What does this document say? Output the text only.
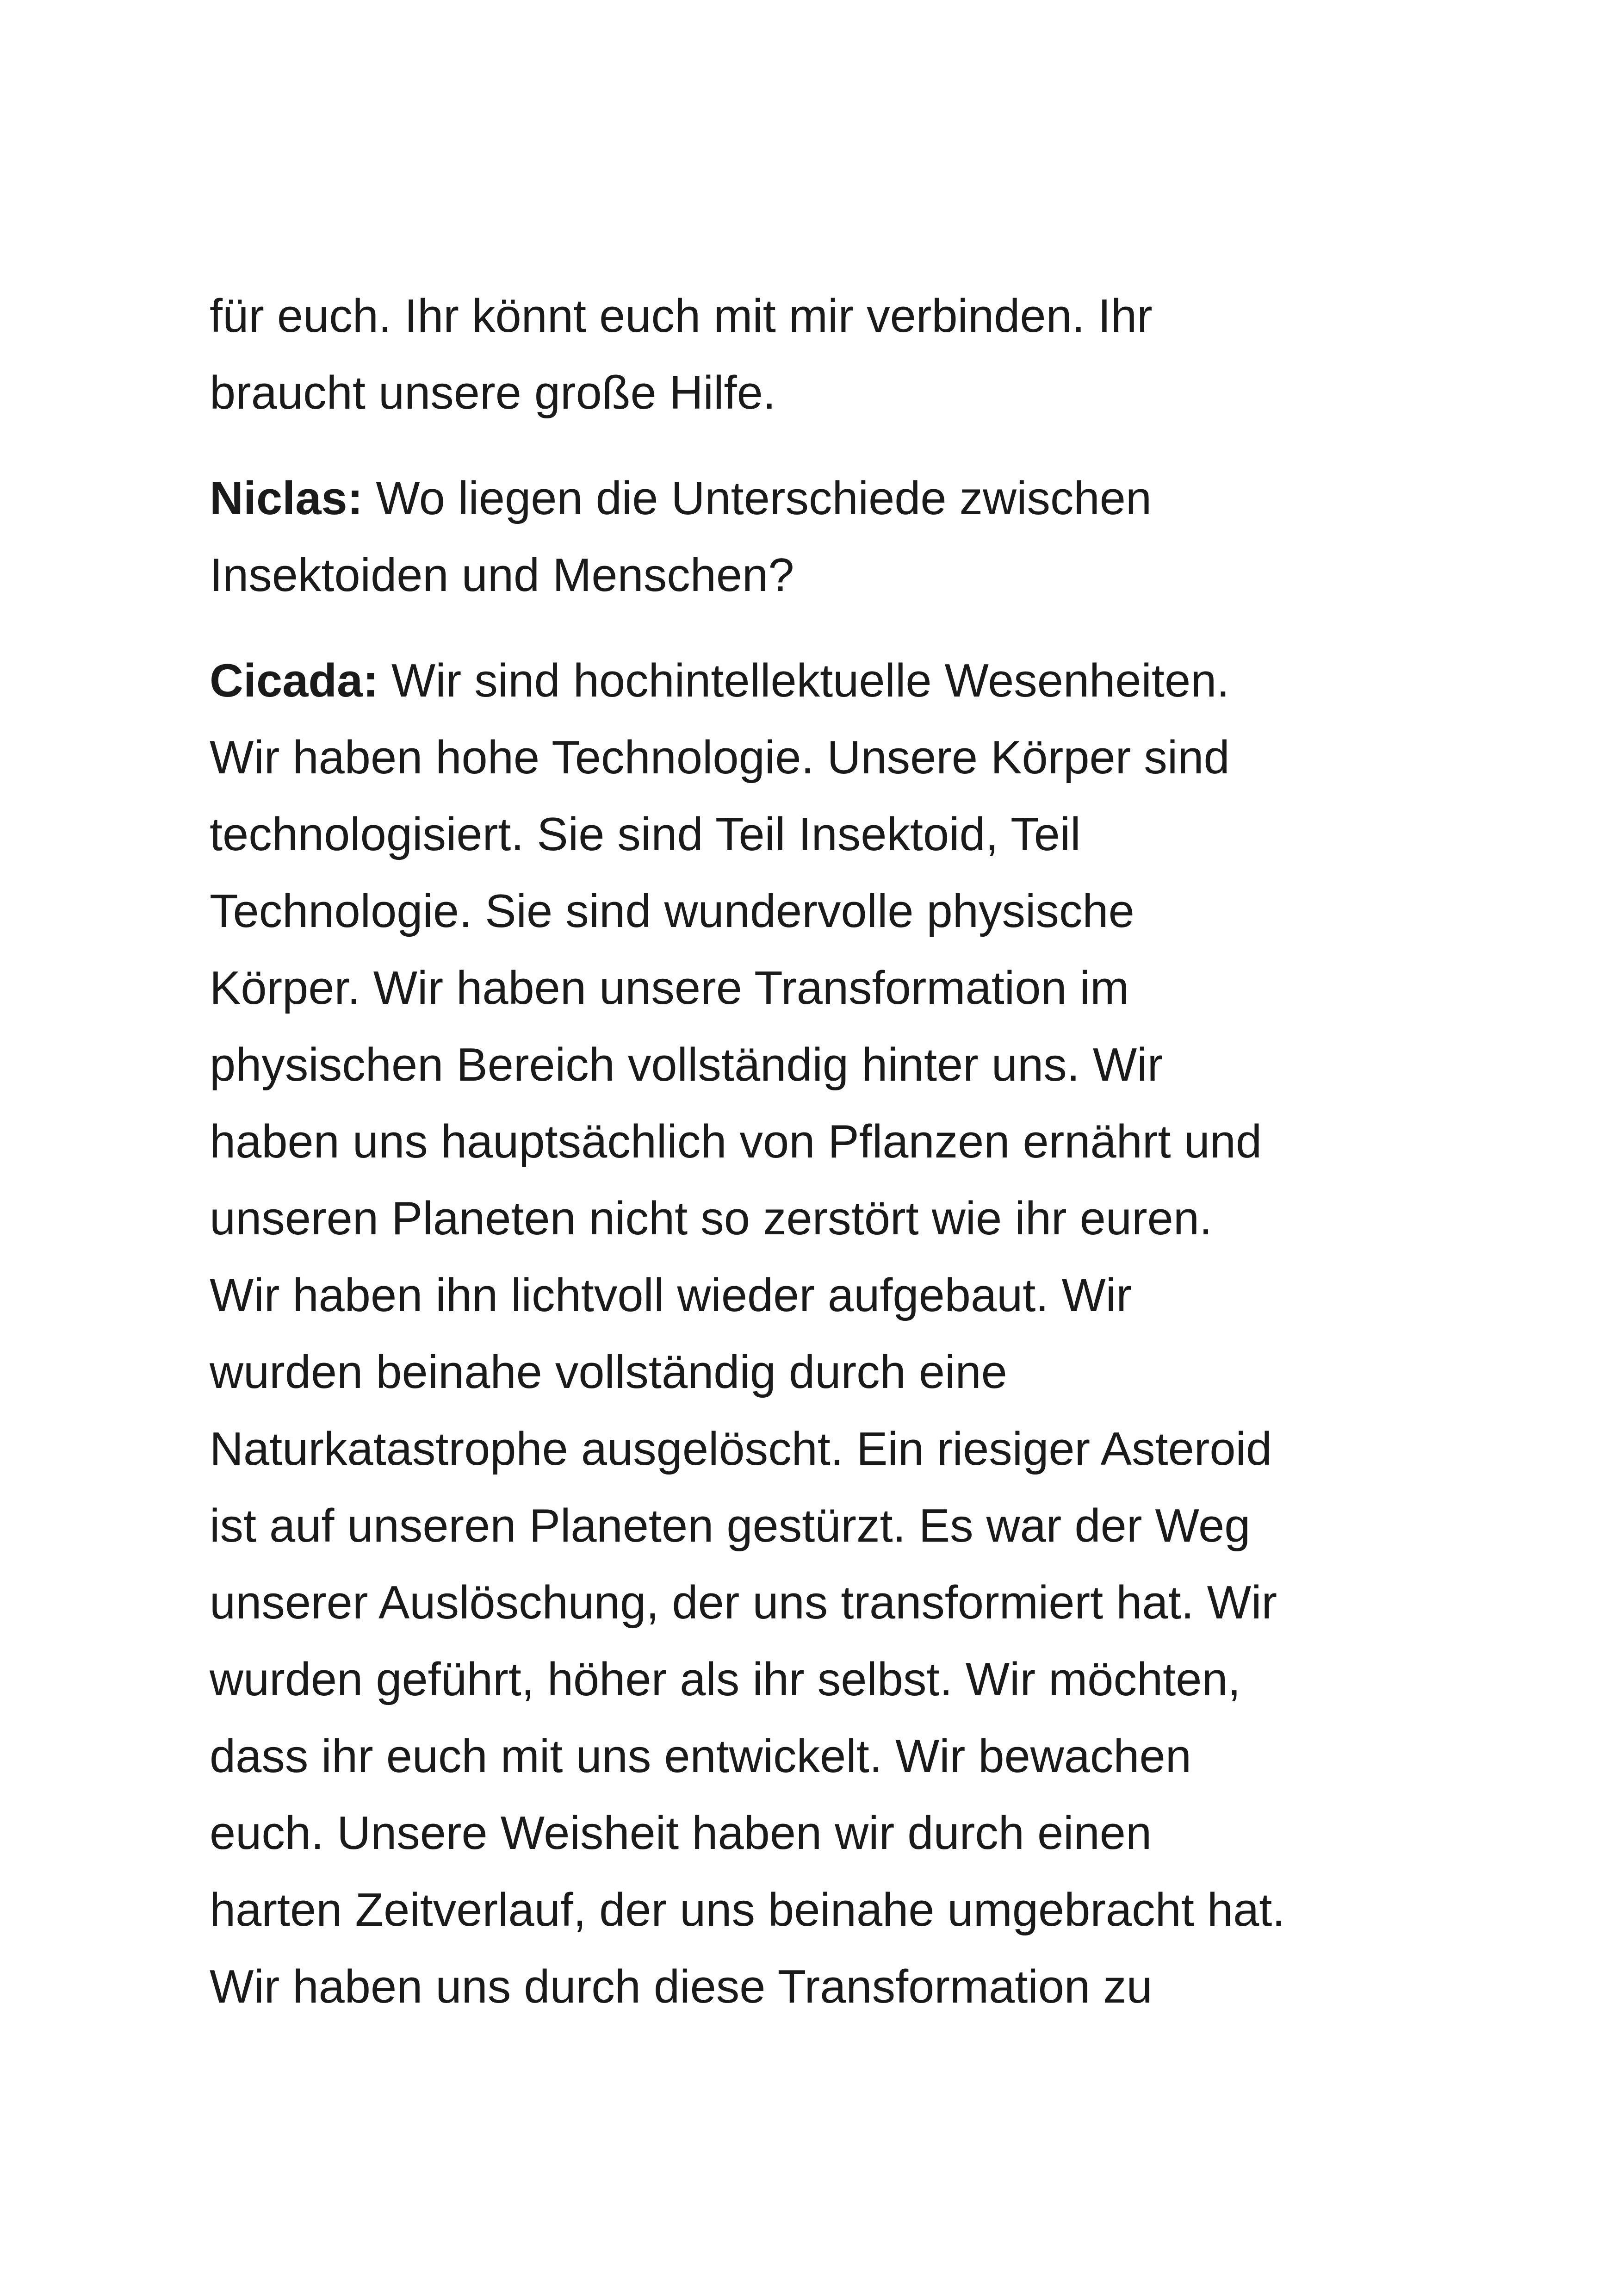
für euch. Ihr könnt euch mit mir verbinden. Ihr
braucht unsere große Hilfe.
Niclas: Wo liegen die Unterschiede zwischen
Insektoiden und Menschen?
Cicada: Wir sind hochintellektuelle Wesenheiten.
Wir haben hohe Technologie. Unsere Körper sind
technologisiert. Sie sind Teil Insektoid, Teil
Technologie. Sie sind wundervolle physische
Körper. Wir haben unsere Transformation im
physischen Bereich vollständig hinter uns. Wir
haben uns hauptsächlich von Pflanzen ernährt und
unseren Planeten nicht so zerstört wie ihr euren.
Wir haben ihn lichtvoll wieder aufgebaut. Wir
wurden beinahe vollständig durch eine
Naturkatastrophe ausgelöscht. Ein riesiger Asteroid
ist auf unseren Planeten gestürzt. Es war der Weg
unserer Auslöschung, der uns transformiert hat. Wir
wurden geführt, höher als ihr selbst. Wir möchten,
dass ihr euch mit uns entwickelt. Wir bewachen
euch. Unsere Weisheit haben wir durch einen
harten Zeitverlauf, der uns beinahe umgebracht hat.
Wir haben uns durch diese Transformation zu
